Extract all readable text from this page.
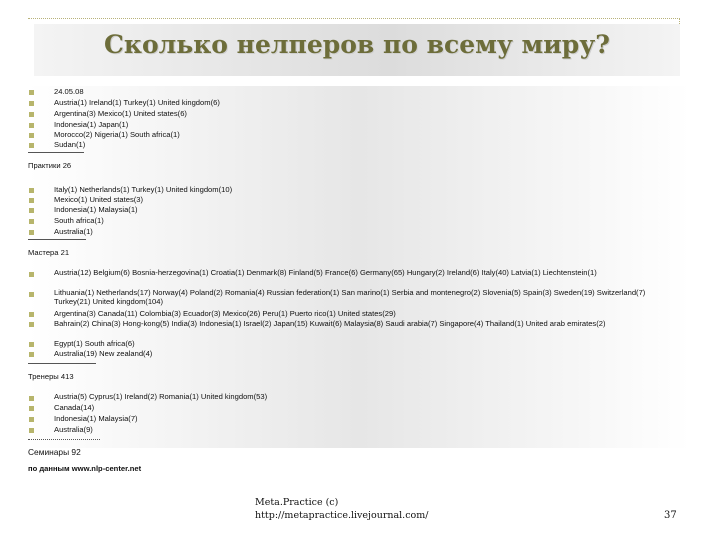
Сколько нелперов по всему миру?
24.05.08
Austria(1) Ireland(1) Turkey(1) United kingdom(6)
Argentina(3) Mexico(1) United states(6)
Indonesia(1) Japan(1)
Morocco(2) Nigeria(1) South africa(1)
Sudan(1)
Практики 26
Italy(1) Netherlands(1) Turkey(1) United kingdom(10)
Mexico(1) United states(3)
Indonesia(1) Malaysia(1)
South africa(1)
Australia(1)
Мастера 21
Austria(12) Belgium(6) Bosnia-herzegovina(1) Croatia(1) Denmark(8) Finland(5) France(6) Germany(65) Hungary(2) Ireland(6) Italy(40) Latvia(1) Liechtenstein(1)
Lithuania(1) Netherlands(17) Norway(4) Poland(2) Romania(4) Russian federation(1) San marino(1) Serbia and montenegro(2) Slovenia(5) Spain(3) Sweden(19) Switzerland(7) Turkey(21) United kingdom(104)
Argentina(3) Canada(11) Colombia(3) Ecuador(3) Mexico(26) Peru(1) Puerto rico(1) United states(29)
Bahrain(2) China(3) Hong-kong(5) India(3) Indonesia(1) Israel(2) Japan(15) Kuwait(6) Malaysia(8) Saudi arabia(7) Singapore(4) Thailand(1) United arab emirates(2)
Egypt(1) South africa(6)
Australia(19) New zealand(4)
Тренеры 413
Austria(5) Cyprus(1) Ireland(2) Romania(1) United kingdom(53)
Canada(14)
Indonesia(1) Malaysia(7)
Australia(9)
Семинары 92
по данным www.nlp-center.net
Meta.Practice (c)
http://metapractice.livejournal.com/	37
